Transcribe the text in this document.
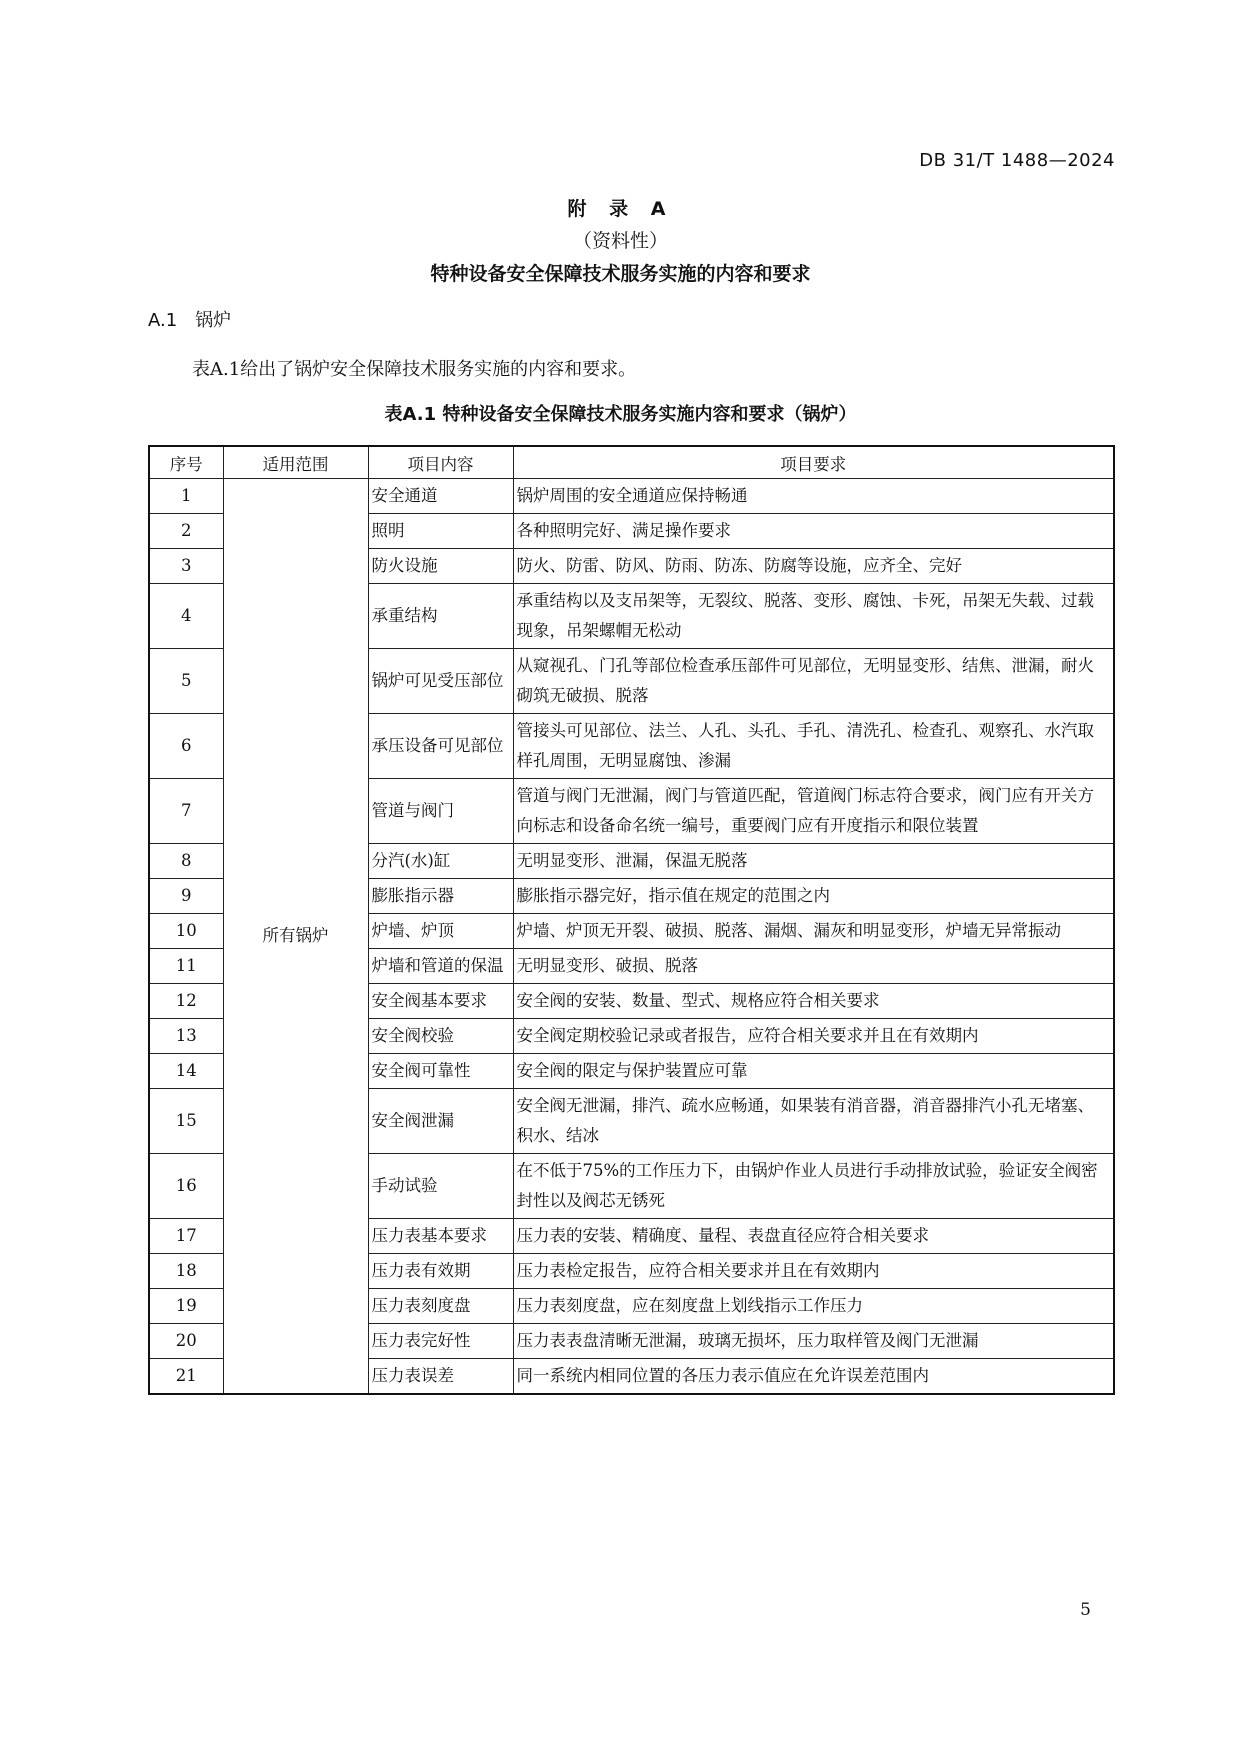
DB 31/T 1488—2024
附 录 A
（资料性）
特种设备安全保障技术服务实施的内容和要求
A.1 锅炉
表A.1给出了锅炉安全保障技术服务实施的内容和要求。
表A.1 特种设备安全保障技术服务实施内容和要求（锅炉）
序号	适用范围	项目内容	项目要求
1	所有锅炉	安全通道	锅炉周围的安全通道应保持畅通
2		照明	各种照明完好、满足操作要求
3		防火设施	防火、防雷、防风、防雨、防冻、防腐等设施，应齐全、完好
4		承重结构	承重结构以及支吊架等，无裂纹、脱落、变形、腐蚀、卡死，吊架无失载、过载现象，吊架螺帽无松动
5		锅炉可见受压部位	从窥视孔、门孔等部位检查承压部件可见部位，无明显变形、结焦、泄漏，耐火砌筑无破损、脱落
6		承压设备可见部位	管接头可见部位、法兰、人孔、头孔、手孔、清洗孔、检查孔、观察孔、水汽取样孔周围，无明显腐蚀、渗漏
7		管道与阀门	管道与阀门无泄漏，阀门与管道匹配，管道阀门标志符合要求，阀门应有开关方向标志和设备命名统一编号，重要阀门应有开度指示和限位装置
8		分汽(水)缸	无明显变形、泄漏，保温无脱落
9		膨胀指示器	膨胀指示器完好，指示值在规定的范围之内
10		炉墙、炉顶	炉墙、炉顶无开裂、破损、脱落、漏烟、漏灰和明显变形，炉墙无异常振动
11		炉墙和管道的保温	无明显变形、破损、脱落
12		安全阀基本要求	安全阀的安装、数量、型式、规格应符合相关要求
13		安全阀校验	安全阀定期校验记录或者报告，应符合相关要求并且在有效期内
14		安全阀可靠性	安全阀的限定与保护装置应可靠
15		安全阀泄漏	安全阀无泄漏，排汽、疏水应畅通，如果装有消音器，消音器排汽小孔无堵塞、积水、结冰
16		手动试验	在不低于75%的工作压力下，由锅炉作业人员进行手动排放试验，验证安全阀密封性以及阀芯无锈死
17		压力表基本要求	压力表的安装、精确度、量程、表盘直径应符合相关要求
18		压力表有效期	压力表检定报告，应符合相关要求并且在有效期内
19		压力表刻度盘	压力表刻度盘，应在刻度盘上划线指示工作压力
20		压力表完好性	压力表表盘清晰无泄漏，玻璃无损坏，压力取样管及阀门无泄漏
21		压力表误差	同一系统内相同位置的各压力表示值应在允许误差范围内
5
